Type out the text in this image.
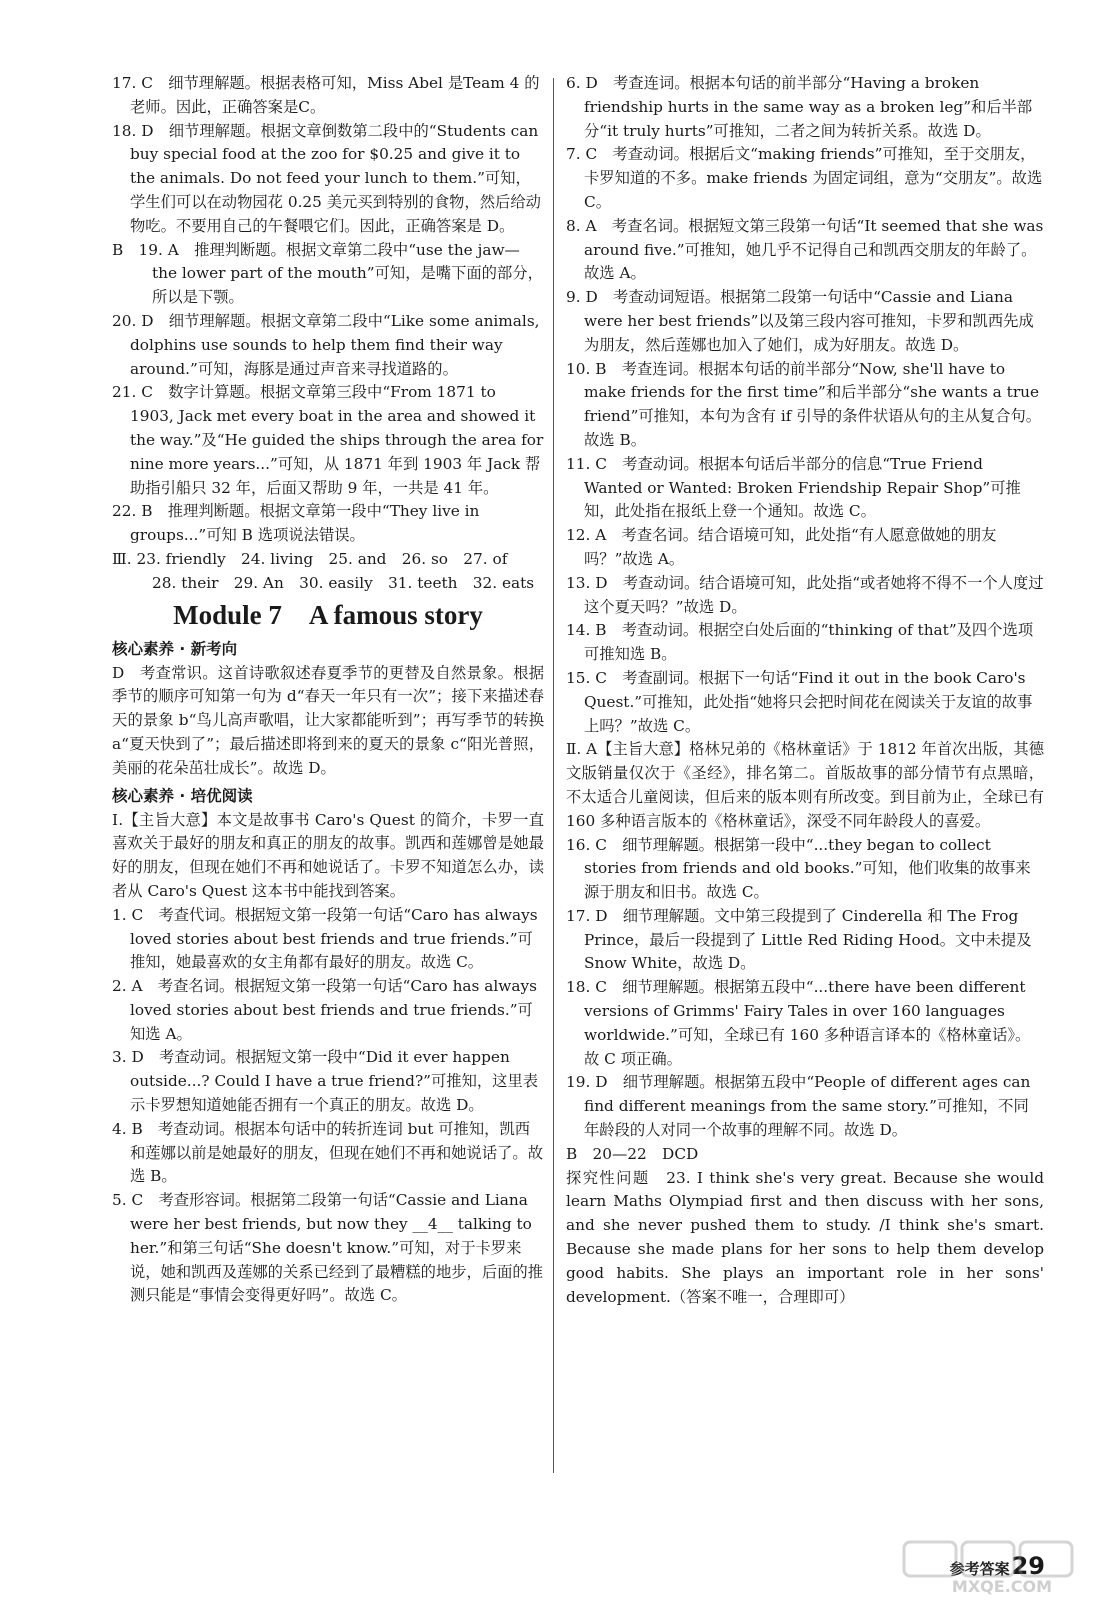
17. C　细节理解题。根据表格可知，Miss Abel 是Team 4 的老师。因此，正确答案是C。

18. D　细节理解题。根据文章倒数第二段中的“Students can buy special food at the zoo for $0.25 and give it to the animals. Do not feed your lunch to them.”可知，学生们可以在动物园花 0.25 美元买到特别的食物，然后给动物吃。不要用自己的午餐喂它们。因此，正确答案是 D。

B　19. A　推理判断题。根据文章第二段中“use the jaw—the lower part of the mouth”可知，是嘴下面的部分，所以是下颚。

20. D　细节理解题。根据文章第二段中“Like some animals, dolphins use sounds to help them find their way around.”可知，海豚是通过声音来寻找道路的。

21. C　数字计算题。根据文章第三段中“From 1871 to 1903, Jack met every boat in the area and showed it the way.”及“He guided the ships through the area for nine more years...”可知，从 1871 年到 1903 年 Jack 帮助指引船只 32 年，后面又帮助 9 年，一共是 41 年。

22. B　推理判断题。根据文章第一段中“They live in groups...”可知 B 选项说法错误。

Ⅲ. 23. friendly　24. living　25. and　26. so　27. of　28. their　29. An　30. easily　31. teeth　32. eats

Module 7　A famous story

核心素养 · 新考向

D　考查常识。这首诗歌叙述春夏季节的更替及自然景象。根据季节的顺序可知第一句为 d“春天一年只有一次”；接下来描述春天的景象 b“鸟儿高声歌唱，让大家都能听到”；再写季节的转换 a“夏天快到了”；最后描述即将到来的夏天的景象 c“阳光普照，美丽的花朵茁壮成长”。故选 D。

核心素养 · 培优阅读

Ⅰ.【主旨大意】本文是故事书 Caro's Quest 的简介，卡罗一直喜欢关于最好的朋友和真正的朋友的故事。凯西和莲娜曾是她最好的朋友，但现在她们不再和她说话了。卡罗不知道怎么办，读者从 Caro's Quest 这本书中能找到答案。

1. C　考查代词。根据短文第一段第一句话“Caro has always loved stories about best friends and true friends.”可推知，她最喜欢的女主角都有最好的朋友。故选 C。

2. A　考查名词。根据短文第一段第一句话“Caro has always loved stories about best friends and true friends.”可知选 A。

3. D　考查动词。根据短文第一段中“Did it ever happen outside...? Could I have a true friend?”可推知，这里表示卡罗想知道她能否拥有一个真正的朋友。故选 D。

4. B　考查动词。根据本句话中的转折连词 but 可推知，凯西和莲娜以前是她最好的朋友，但现在她们不再和她说话了。故选 B。

5. C　考查形容词。根据第二段第一句话“Cassie and Liana were her best friends, but now they __4__ talking to her.”和第三句话“She doesn't know.”可知，对于卡罗来说，她和凯西及莲娜的关系已经到了最糟糕的地步，后面的推测只能是“事情会变得更好吗”。故选 C。

6. D　考查连词。根据本句话的前半部分“Having a broken friendship hurts in the same way as a broken leg”和后半部分“it truly hurts”可推知，二者之间为转折关系。故选 D。

7. C　考查动词。根据后文“making friends”可推知，至于交朋友，卡罗知道的不多。make friends 为固定词组，意为“交朋友”。故选 C。

8. A　考查名词。根据短文第三段第一句话“It seemed that she was around five.”可推知，她几乎不记得自己和凯西交朋友的年龄了。故选 A。

9. D　考查动词短语。根据第二段第一句话中“Cassie and Liana were her best friends”以及第三段内容可推知，卡罗和凯西先成为朋友，然后莲娜也加入了她们，成为好朋友。故选 D。

10. B　考查连词。根据本句话的前半部分“Now, she'll have to make friends for the first time”和后半部分“she wants a true friend”可推知，本句为含有 if 引导的条件状语从句的主从复合句。故选 B。

11. C　考查动词。根据本句话后半部分的信息“True Friend Wanted or Wanted: Broken Friendship Repair Shop”可推知，此处指在报纸上登一个通知。故选 C。

12. A　考查名词。结合语境可知，此处指“有人愿意做她的朋友吗？”故选 A。

13. D　考查动词。结合语境可知，此处指“或者她将不得不一个人度过这个夏天吗？”故选 D。

14. B　考查动词。根据空白处后面的“thinking of that”及四个选项可推知选 B。

15. C　考查副词。根据下一句话“Find it out in the book Caro's Quest.”可推知，此处指“她将只会把时间花在阅读关于友谊的故事上吗？”故选 C。

Ⅱ. A【主旨大意】格林兄弟的《格林童话》于 1812 年首次出版，其德文版销量仅次于《圣经》，排名第二。首版故事的部分情节有点黑暗，不太适合儿童阅读，但后来的版本则有所改变。到目前为止，全球已有 160 多种语言版本的《格林童话》，深受不同年龄段人的喜爱。

16. C　细节理解题。根据第一段中“...they began to collect stories from friends and old books.”可知，他们收集的故事来源于朋友和旧书。故选 C。

17. D　细节理解题。文中第三段提到了 Cinderella 和 The Frog Prince，最后一段提到了 Little Red Riding Hood。文中未提及 Snow White，故选 D。

18. C　细节理解题。根据第五段中“...there have been different versions of Grimms' Fairy Tales in over 160 languages worldwide.”可知，全球已有 160 多种语言译本的《格林童话》。故 C 项正确。

19. D　细节理解题。根据第五段中“People of different ages can find different meanings from the same story.”可推知，不同年龄段的人对同一个故事的理解不同。故选 D。

B　20—22　DCD

探究性问题　23. I think she's very great. Because she would learn Maths Olympiad first and then discuss with her sons, and she never pushed them to study. /I think she's smart. Because she made plans for her sons to help them develop good habits. She plays an important role in her sons' development.（答案不唯一，合理即可）

参考答案29
MXQE.COM
